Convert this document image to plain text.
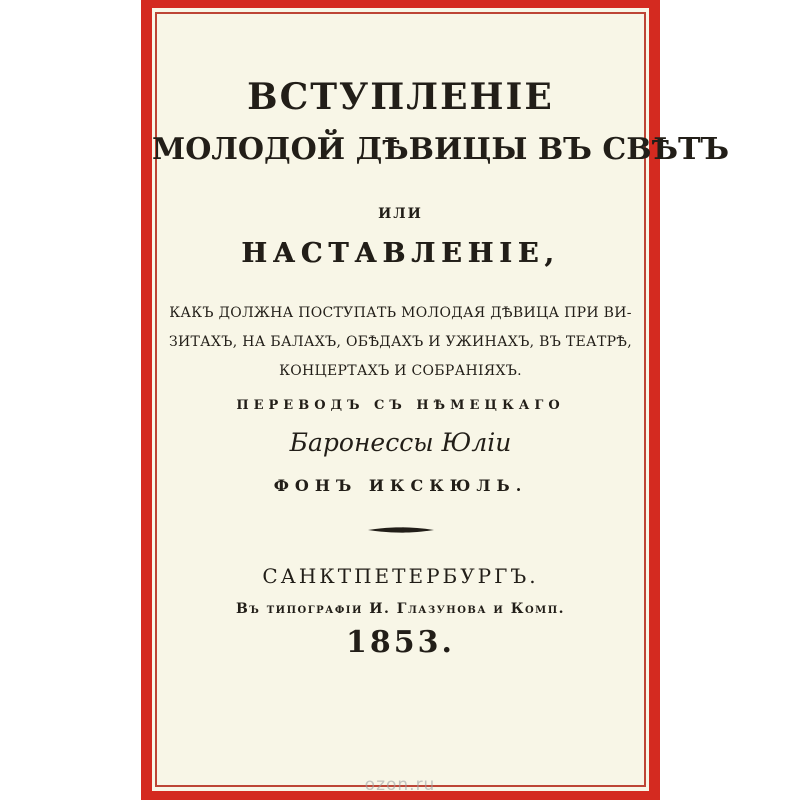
ВСТУПЛЕНІЕ
МОЛОДОЙ ДѢВИЦЫ ВЪ СВѢТЪ
ИЛИ
НАСТАВЛЕНІЕ,
КАКЪ ДОЛЖНА ПОСТУПАТЬ МОЛОДАЯ ДѢВИЦА ПРИ ВИ-
ЗИТАХЪ, НА БАЛАХЪ, ОБѢДАХЪ И УЖИНАХЪ, ВЪ ТЕАТРѢ,
КОНЦЕРТАХЪ И СОБРАНІЯХЪ.
ПЕРЕВОДЪ СЪ НѢМЕЦКАГО
Баронессы Юліи
ФОНЪ ИКСКЮЛЬ.
САНКТПЕТЕРБУРГЪ.
Въ типографіи И. Глазунова и Комп.
1853.
ozon.ru
